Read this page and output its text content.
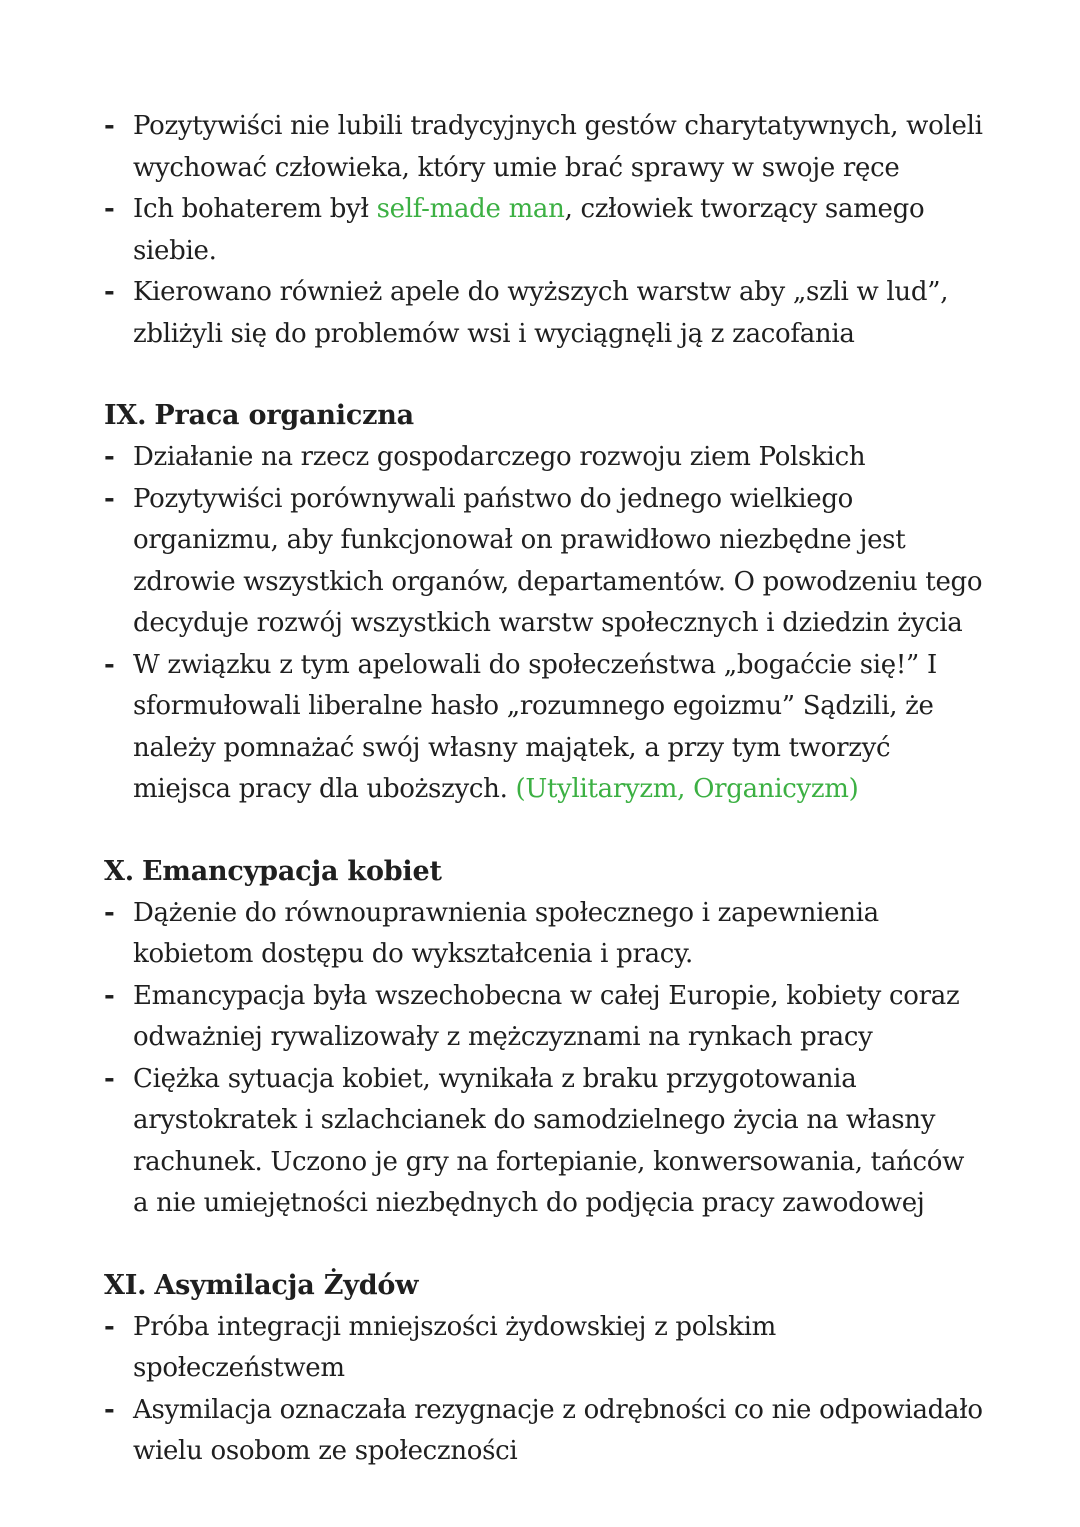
- Pozytywiści nie lubili tradycyjnych gestów charytatywnych, woleli wychować człowieka, który umie brać sprawy w swoje ręce
- Ich bohaterem był self-made man, człowiek tworzący samego siebie.
- Kierowano również apele do wyższych warstw aby „szli w lud”, zbliżyli się do problemów wsi i wyciągnęli ją z zacofania
IX. Praca organiczna
- Działanie na rzecz gospodarczego rozwoju ziem Polskich
- Pozytywiści porównywali państwo do jednego wielkiego organizmu, aby funkcjonował on prawidłowo niezbędne jest zdrowie wszystkich organów, departamentów. O powodzeniu tego decyduje rozwój wszystkich warstw społecznych i dziedzin życia
- W związku z tym apelowali do społeczeństwa „bogaćcie się!” I sformułowali liberalne hasło „rozumnego egoizmu” Sądzili, że należy pomnażać swój własny majątek, a przy tym tworzyć miejsca pracy dla uboższych. (Utylitaryzm, Organicyzm)
X. Emancypacja kobiet
- Dążenie do równouprawnienia społecznego i zapewnienia kobietom dostępu do wykształcenia i pracy.
- Emancypacja była wszechobecna w całej Europie, kobiety coraz odważniej rywalizowały z mężczyznami na rynkach pracy
- Ciężka sytuacja kobiet, wynikała z braku przygotowania arystokratek i szlachcianek do samodzielnego życia na własny rachunek. Uczono je gry na fortepianie, konwersowania, tańców a nie umiejętności niezbędnych do podjęcia pracy zawodowej
XI. Asymilacja Żydów
- Próba integracji mniejszości żydowskiej z polskim społeczeństwem
- Asymilacja oznaczała rezygnacje z odrębności co nie odpowiadało wielu osobom ze społeczności
